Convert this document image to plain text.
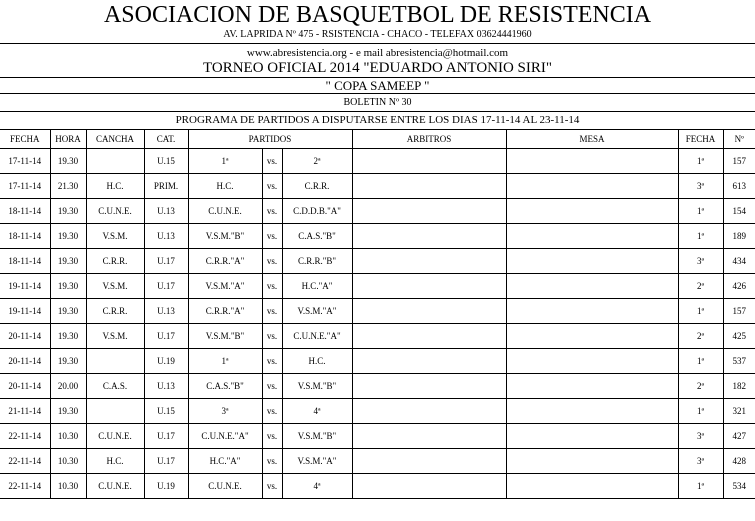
ASOCIACION DE BASQUETBOL DE RESISTENCIA
AV. LAPRIDA Nº 475 - RSISTENCIA - CHACO - TELEFAX 03624441960
www.abresistencia.org - e mail abresistencia@hotmail.com
TORNEO OFICIAL 2014 "EDUARDO ANTONIO SIRI"
" COPA SAMEEP "
BOLETIN Nº 30
PROGRAMA DE PARTIDOS A DISPUTARSE ENTRE LOS DIAS 17-11-14 AL 23-11-14
FECHA	HORA	CANCHA	CAT.	PARTIDOS			ARBITROS	MESA	FECHA	Nº
17-11-14	19.30		U.15	1ª	vs.	2ª			1ª	157
17-11-14	21.30	H.C.	PRIM.	H.C.	vs.	C.R.R.			3ª	613
18-11-14	19.30	C.U.N.E.	U.13	C.U.N.E.	vs.	C.D.D.B."A"			1ª	154
18-11-14	19.30	V.S.M.	U.13	V.S.M."B"	vs.	C.A.S."B"			1ª	189
18-11-14	19.30	C.R.R.	U.17	C.R.R."A"	vs.	C.R.R."B"			3ª	434
19-11-14	19.30	V.S.M.	U.17	V.S.M."A"	vs.	H.C."A"			2ª	426
19-11-14	19.30	C.R.R.	U.13	C.R.R."A"	vs.	V.S.M."A"			1ª	157
20-11-14	19.30	V.S.M.	U.17	V.S.M."B"	vs.	C.U.N.E."A"			2ª	425
20-11-14	19.30		U.19	1ª	vs.	H.C.			1ª	537
20-11-14	20.00	C.A.S.	U.13	C.A.S."B"	vs.	V.S.M."B"			2ª	182
21-11-14	19.30		U.15	3ª	vs.	4ª			1ª	321
22-11-14	10.30	C.U.N.E.	U.17	C.U.N.E."A"	vs.	V.S.M."B"			3ª	427
22-11-14	10.30	H.C.	U.17	H.C."A"	vs.	V.S.M."A"			3ª	428
22-11-14	10.30	C.U.N.E.	U.19	C.U.N.E.	vs.	4ª			1ª	534
